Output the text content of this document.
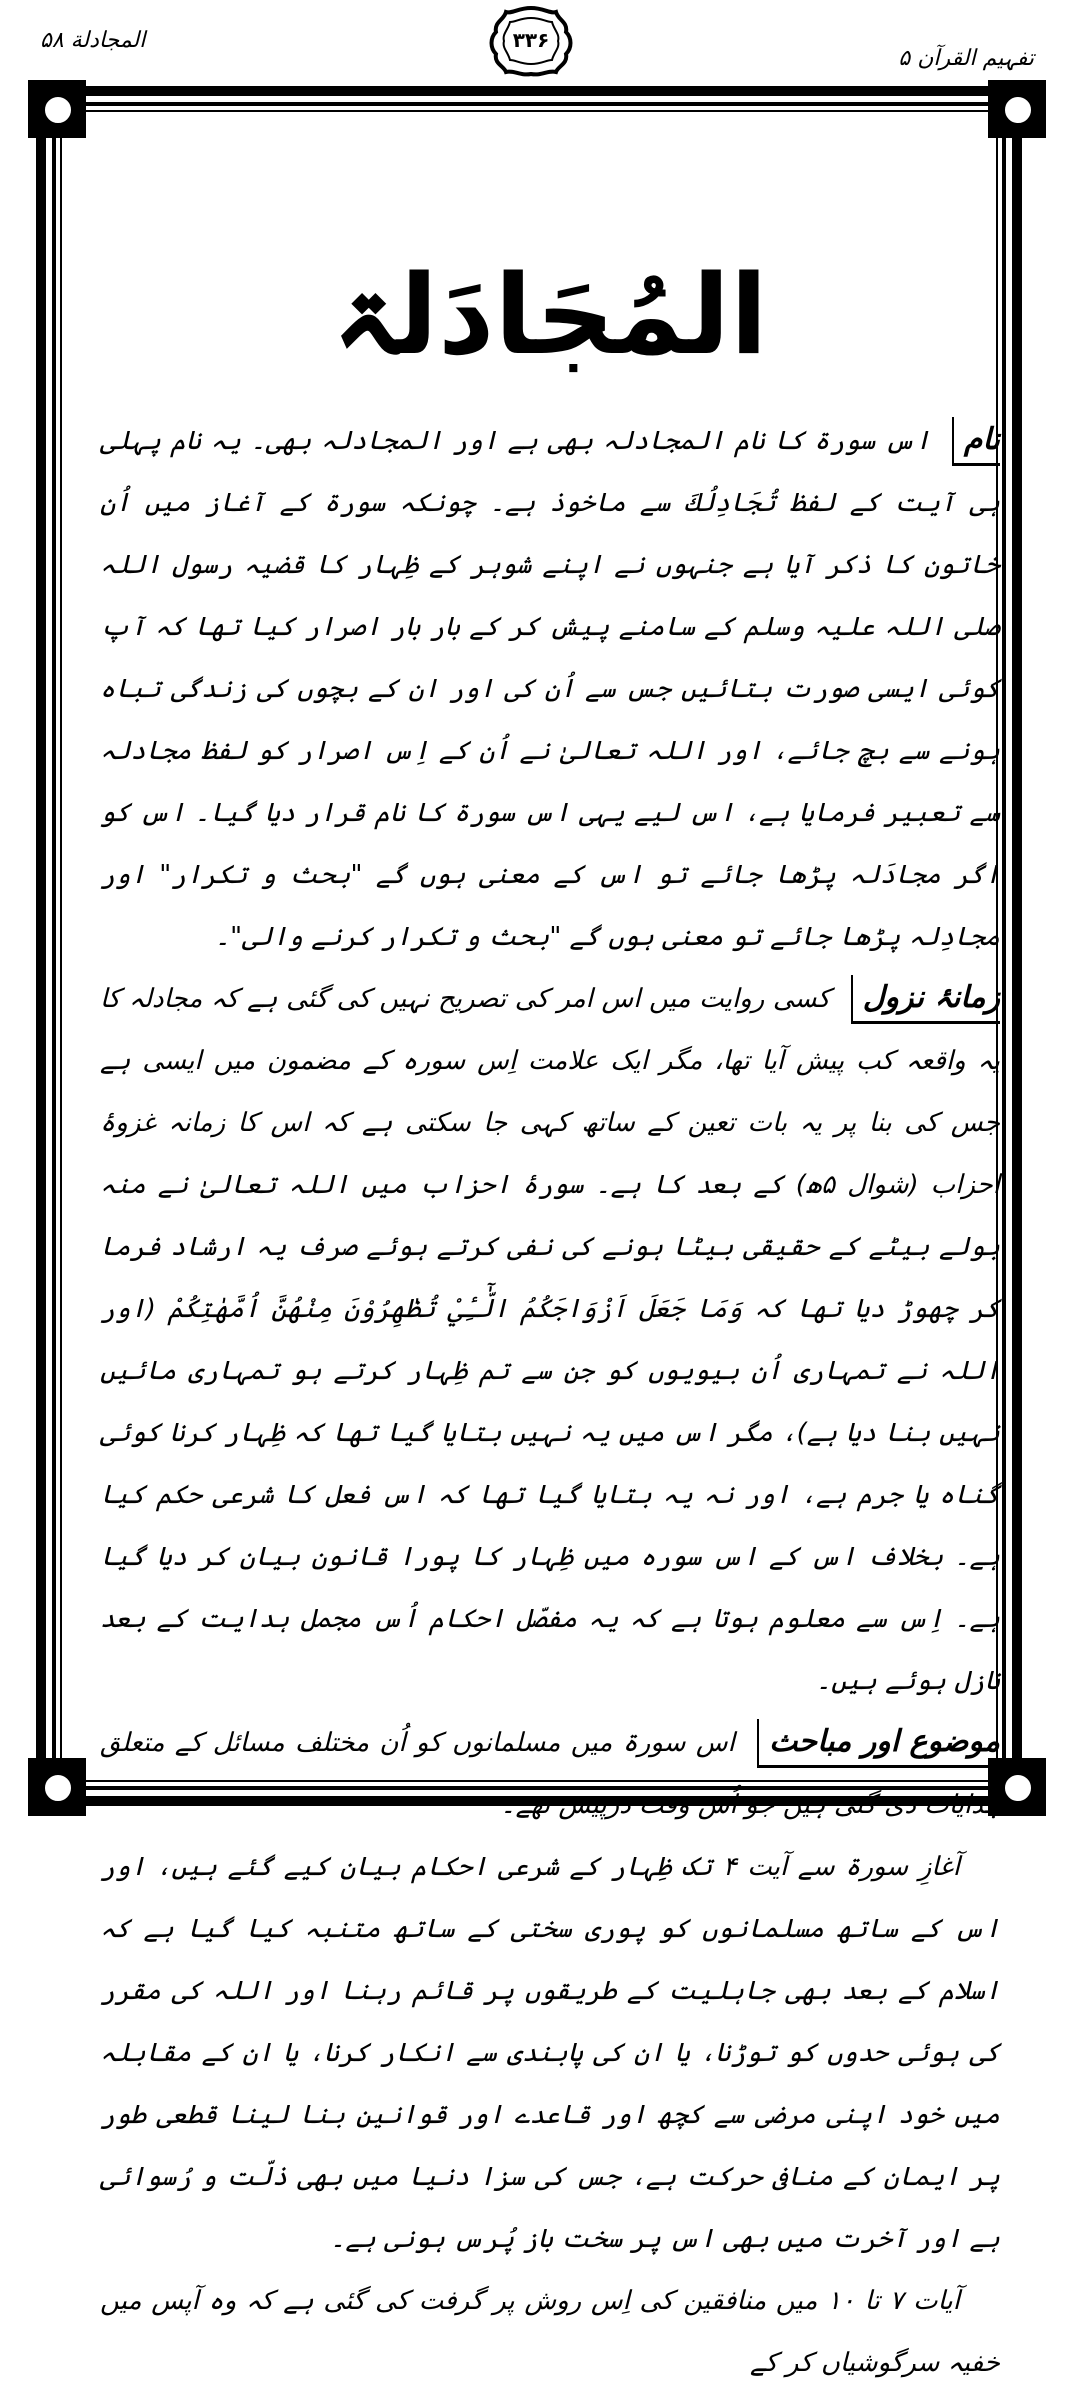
المجادلة ۵۸	۳۳۶
تفہیم القرآن ۵
المُجَادَلۃ

نام اس سورۃ کا نام المجادلہ بھی ہے اور المجادلہ بھی۔ یہ نام پہلی ہی آیت کے لفظ تُجَادِلُكَ سے ماخوذ ہے۔ چونکہ سورۃ کے آغاز میں اُن خاتون کا ذکر آیا ہے جنہوں نے اپنے شوہر کے ظِہار کا قضیہ رسول اللہ صلی اللہ علیہ وسلم کے سامنے پیش کر کے بار بار اصرار کیا تھا کہ آپ کوئی ایسی صورت بتائیں جس سے اُن کی اور ان کے بچوں کی زندگی تباہ ہونے سے بچ جائے، اور اللہ تعالیٰ نے اُن کے اِس اصرار کو لفظ مجادلہ سے تعبیر فرمایا ہے، اس لیے یہی اس سورۃ کا نام قرار دیا گیا۔ اس کو اگر مجادَلہ پڑھا جائے تو اس کے معنی ہوں گے "بحث و تکرار" اور مجادِلہ پڑھا جائے تو معنی ہوں گے "بحث و تکرار کرنے والی"۔

زمانۂ نزول کسی روایت میں اس امر کی تصریح نہیں کی گئی ہے کہ مجادلہ کا یہ واقعہ کب پیش آیا تھا، مگر ایک علامت اِس سورہ کے مضمون میں ایسی ہے جس کی بنا پر یہ بات تعین کے ساتھ کہی جا سکتی ہے کہ اس کا زمانہ غزوۂ احزاب (شوال ۵ھ) کے بعد کا ہے۔ سورۂ احزاب میں اللہ تعالیٰ نے منہ بولے بیٹے کے حقیقی بیٹا ہونے کی نفی کرتے ہوئے صرف یہ ارشاد فرما کر چھوڑ دیا تھا کہ وَمَا جَعَلَ اَزْوَاجَكُمُ الّٰٓـِٔيْ تُظٰهِرُوْنَ مِنْهُنَّ اُمَّهٰتِكُمْ (اور اللہ نے تمہاری اُن بیویوں کو جن سے تم ظِہار کرتے ہو تمہاری مائیں نہیں بنا دیا ہے)، مگر اس میں یہ نہیں بتایا گیا تھا کہ ظِہار کرنا کوئی گناہ یا جرم ہے، اور نہ یہ بتایا گیا تھا کہ اس فعل کا شرعی حکم کیا ہے۔ بخلاف اس کے اس سورہ میں ظِہار کا پورا قانون بیان کر دیا گیا ہے۔ اِس سے معلوم ہوتا ہے کہ یہ مفصّل احکام اُس مجمل ہدایت کے بعد نازل ہوئے ہیں۔

موضوع اور مباحث اس سورۃ میں مسلمانوں کو اُن مختلف مسائل کے متعلق ہدایات دی گئی ہیں جو اُس وقت درپیش تھے۔

آغازِ سورۃ سے آیت ۴ تک ظِہار کے شرعی احکام بیان کیے گئے ہیں، اور اس کے ساتھ مسلمانوں کو پوری سختی کے ساتھ متنبہ کیا گیا ہے کہ اسلام کے بعد بھی جاہلیت کے طریقوں پر قائم رہنا اور اللہ کی مقرر کی ہوئی حدوں کو توڑنا، یا ان کی پابندی سے انکار کرنا، یا ان کے مقابلہ میں خود اپنی مرضی سے کچھ اور قاعدے اور قوانین بنا لینا قطعی طور پر ایمان کے منافی حرکت ہے، جس کی سزا دنیا میں بھی ذلّت و رُسوائی ہے اور آخرت میں بھی اس پر سخت باز پُرس ہونی ہے۔

آیات ۷ تا ۱۰ میں منافقین کی اِس روش پر گرفت کی گئی ہے کہ وہ آپس میں خفیہ سرگوشیاں کر کے
